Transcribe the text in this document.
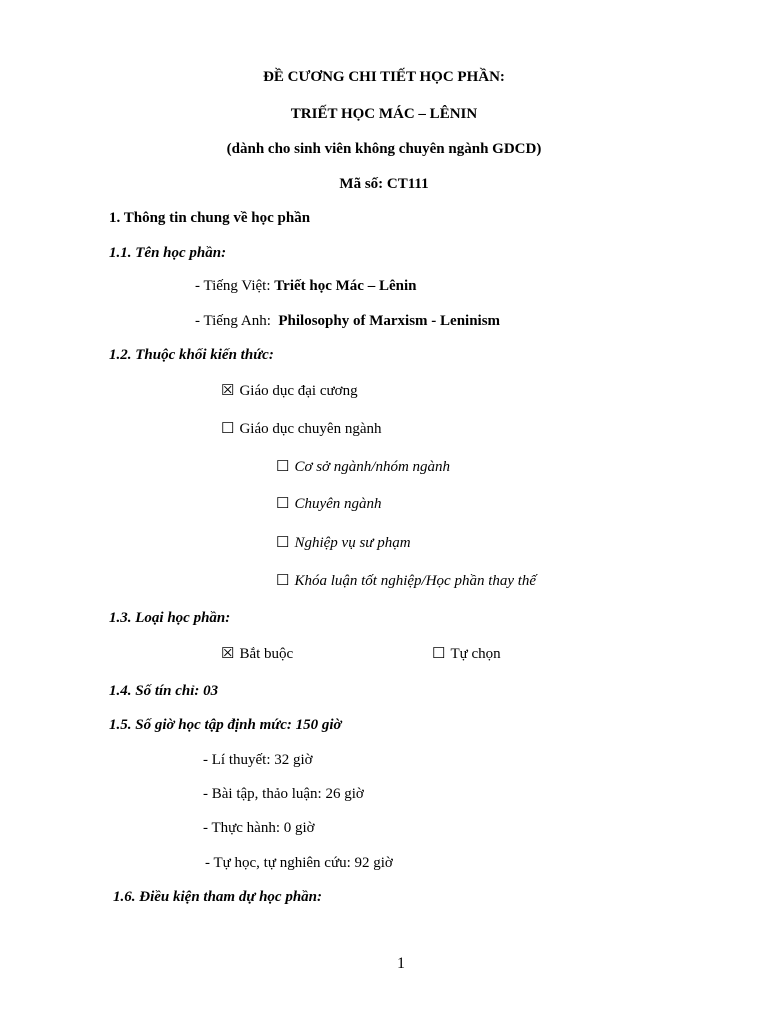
ĐỀ CƯƠNG CHI TIẾT HỌC PHẦN:
TRIẾT HỌC MÁC – LÊNIN
(dành cho sinh viên không chuyên ngành GDCD)
Mã số: CT111
1. Thông tin chung về học phần
1.1. Tên học phần:
- Tiếng Việt: Triết học Mác – Lênin
- Tiếng Anh:  Philosophy of Marxism - Leninism
1.2. Thuộc khối kiến thức:
☒ Giáo dục đại cương
☐ Giáo dục chuyên ngành
☐ Cơ sở ngành/nhóm ngành
☐ Chuyên ngành
☐ Nghiệp vụ sư phạm
☐ Khóa luận tốt nghiệp/Học phần thay thế
1.3. Loại học phần:
☒ Bắt buộc	☐ Tự chọn
1.4. Số tín chỉ: 03
1.5. Số giờ học tập định mức: 150 giờ
- Lí thuyết: 32 giờ
- Bài tập, thảo luận: 26 giờ
- Thực hành: 0 giờ
- Tự học, tự nghiên cứu: 92 giờ
1.6. Điều kiện tham dự học phần:
1
